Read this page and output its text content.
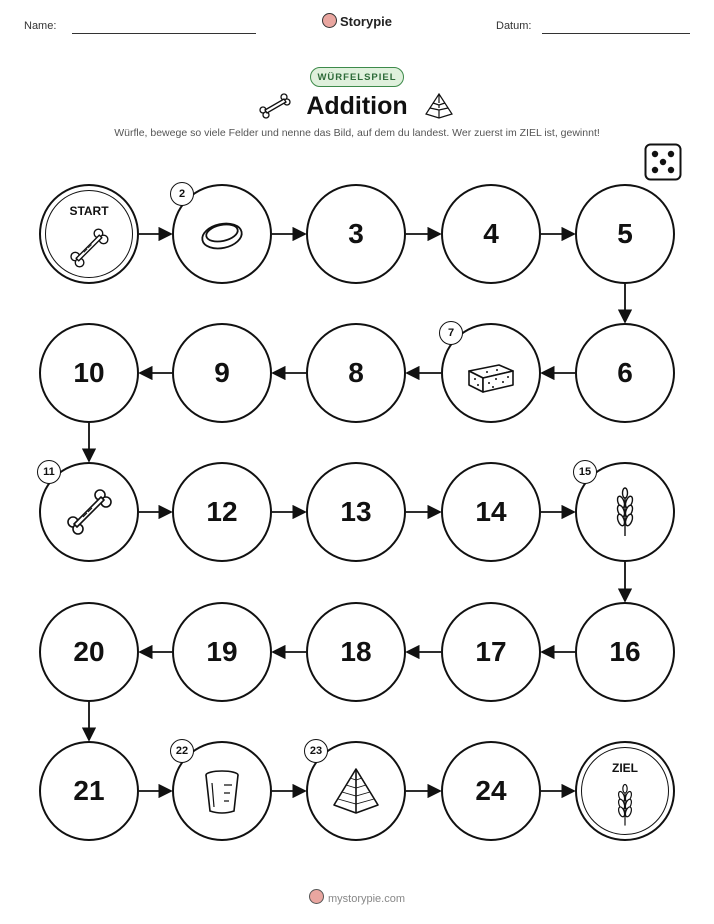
Name:	Storypie	Datum:
WÜRFELSPIEL
Addition
Würfle, bewege so viele Felder und nenne das Bild, auf dem du landest. Wer zuerst im ZIEL ist, gewinnt!
START
2
3	4	5
6
7
8
9
10
11
12	13	14
15
16
17
18
19
20
21
22	23
24
ZIEL
mystorypie.com
